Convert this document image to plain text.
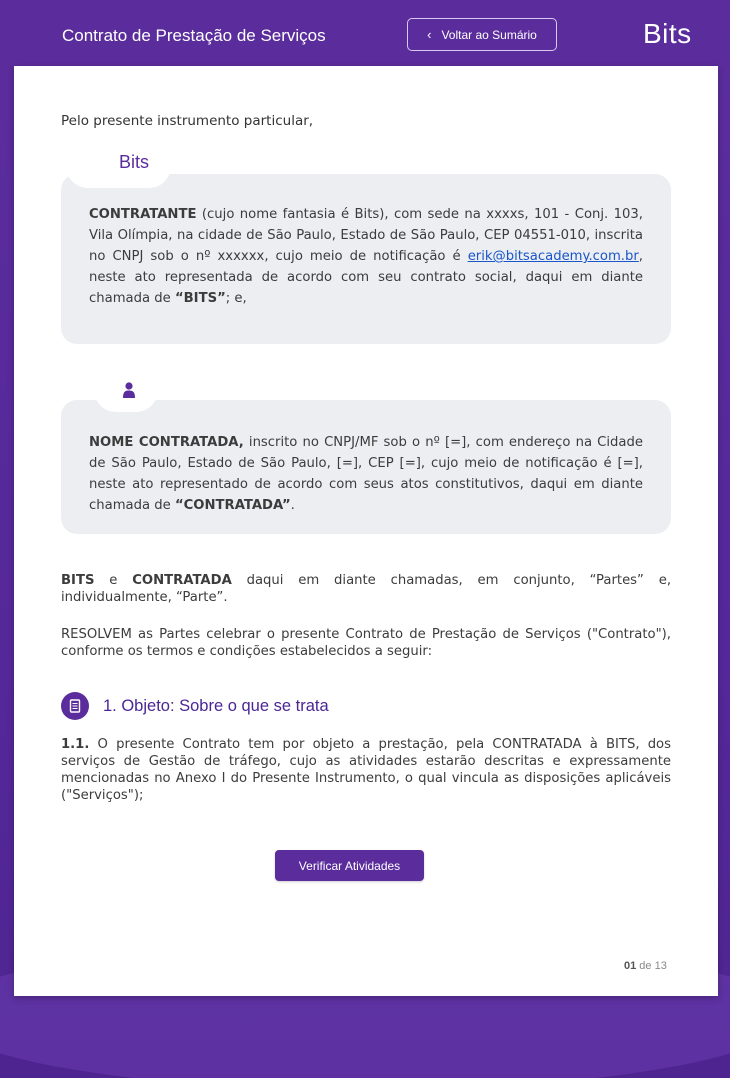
Contrato de Prestação de Serviços	‹ Voltar ao Sumário	Bits

Pelo presente instrumento particular,

CONTRATANTE (cujo nome fantasia é Bits), com sede na xxxxs, 101 - Conj. 103, Vila Olímpia, na cidade de São Paulo, Estado de São Paulo, CEP 04551-010, inscrita no CNPJ sob o nº xxxxxx, cujo meio de notificação é erik@bitsacademy.com.br, neste ato representada de acordo com seu contrato social, daqui em diante chamada de “BITS”; e,
Bits
NOME CONTRATADA, inscrito no CNPJ/MF sob o nº [=], com endereço na Cidade de São Paulo, Estado de São Paulo, [=], CEP [=], cujo meio de notificação é [=], neste ato representado de acordo com seus atos constitutivos, daqui em diante chamada de “CONTRATADA”.

BITS e CONTRATADA daqui em diante chamadas, em conjunto, “Partes” e, individualmente, “Parte”.

RESOLVEM as Partes celebrar o presente Contrato de Prestação de Serviços ("Contrato"), conforme os termos e condições estabelecidos a seguir:

1. Objeto: Sobre o que se trata

1.1. O presente Contrato tem por objeto a prestação, pela CONTRATADA à BITS, dos serviços de Gestão de tráfego, cujo as atividades estarão descritas e expressamente mencionadas no Anexo I do Presente Instrumento, o qual vincula as disposições aplicáveis ("Serviços");

Verificar Atividades
01 de 13
